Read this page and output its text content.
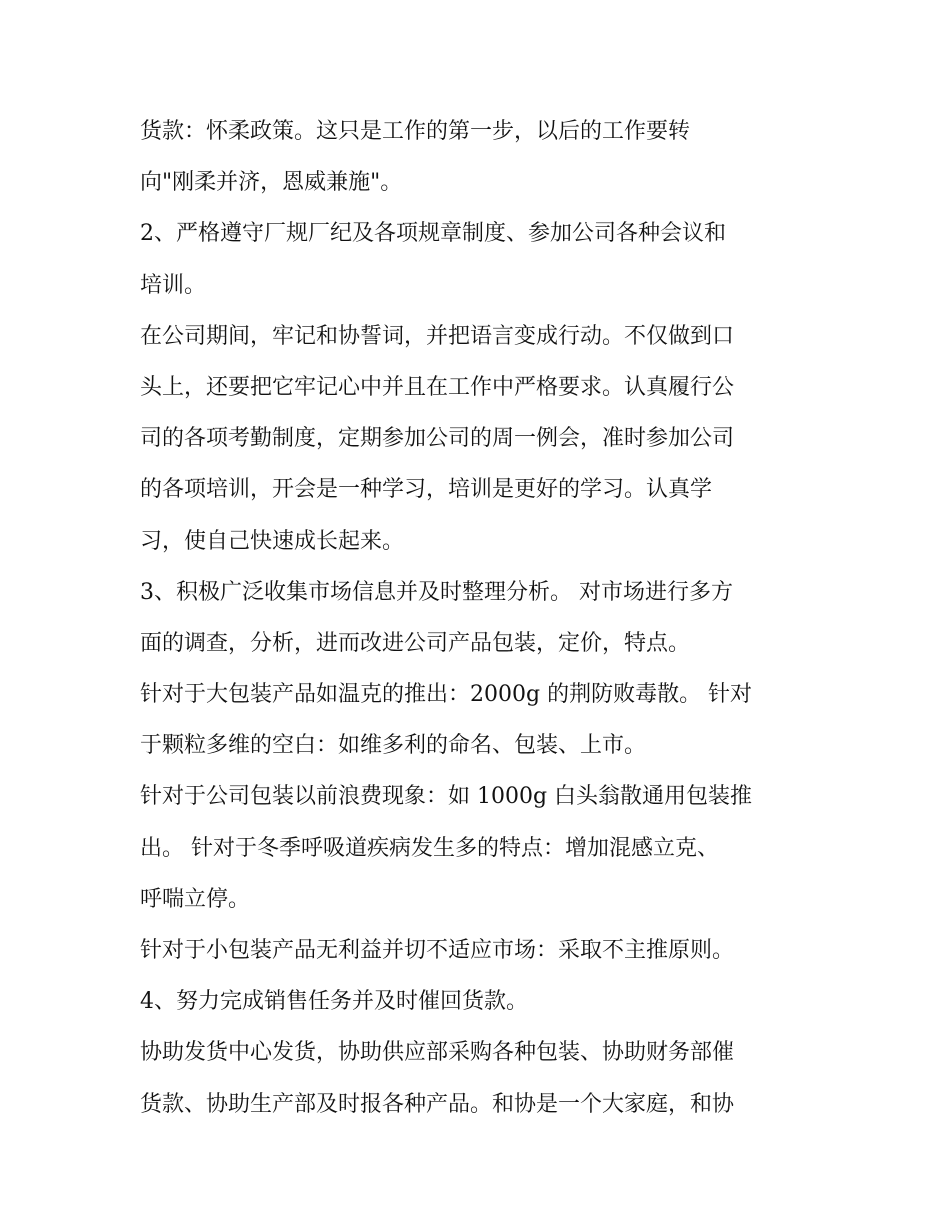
货款：怀柔政策。这只是工作的第一步，以后的工作要转
向"刚柔并济，恩威兼施"。
2、严格遵守厂规厂纪及各项规章制度、参加公司各种会议和
培训。
在公司期间，牢记和协誓词，并把语言变成行动。不仅做到口
头上，还要把它牢记心中并且在工作中严格要求。认真履行公
司的各项考勤制度，定期参加公司的周一例会，准时参加公司
的各项培训，开会是一种学习，培训是更好的学习。认真学
习，使自己快速成长起来。
3、积极广泛收集市场信息并及时整理分析。 对市场进行多方
面的调查，分析，进而改进公司产品包装，定价，特点。
针对于大包装产品如温克的推出：2000g 的荆防败毒散。 针对
于颗粒多维的空白：如维多利的命名、包装、上市。
针对于公司包装以前浪费现象：如 1000g 白头翁散通用包装推
出。 针对于冬季呼吸道疾病发生多的特点：增加混感立克、
呼喘立停。
针对于小包装产品无利益并切不适应市场：采取不主推原则。
4、努力完成销售任务并及时催回货款。
协助发货中心发货，协助供应部采购各种包装、协助财务部催
货款、协助生产部及时报各种产品。和协是一个大家庭，和协
